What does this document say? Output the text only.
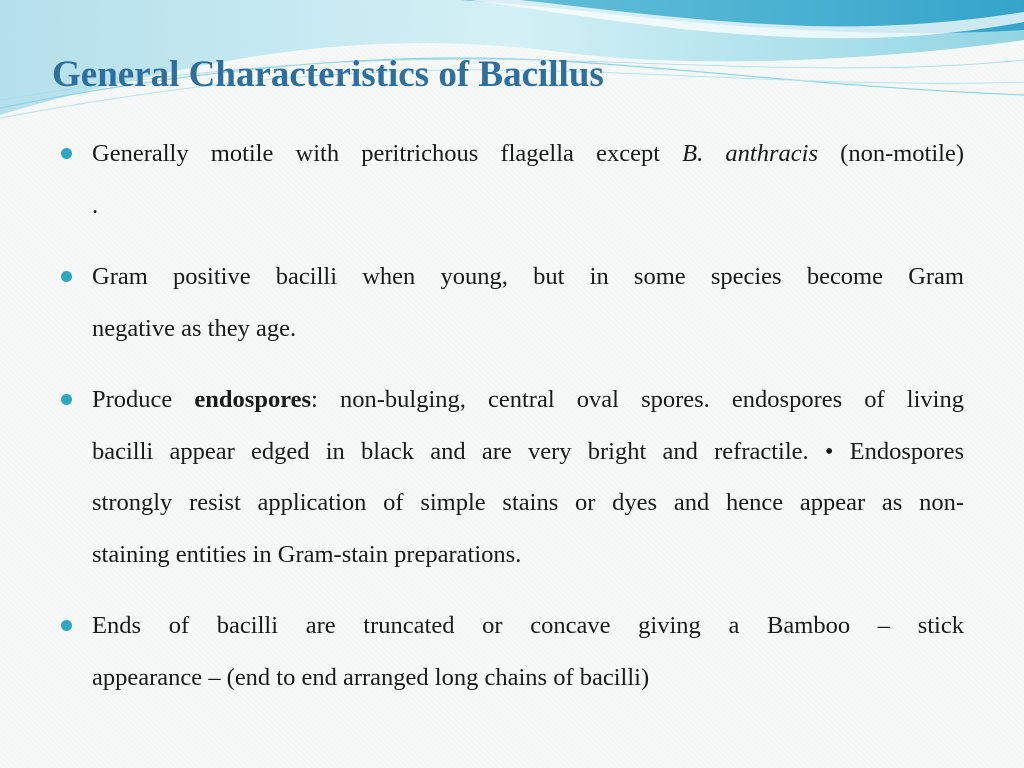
General Characteristics of Bacillus
Generally motile with peritrichous flagella except B. anthracis (non-motile)
.
Gram positive bacilli when young, but in some species become Gram
negative as they age.
Produce endospores: non-bulging, central oval spores. endospores of living
bacilli appear edged in black and are very bright and refractile. • Endospores
strongly resist application of simple stains or dyes and hence appear as non-
staining entities in Gram-stain preparations.
Ends of bacilli are truncated or concave giving a Bamboo – stick
appearance – (end to end arranged long chains of bacilli)
